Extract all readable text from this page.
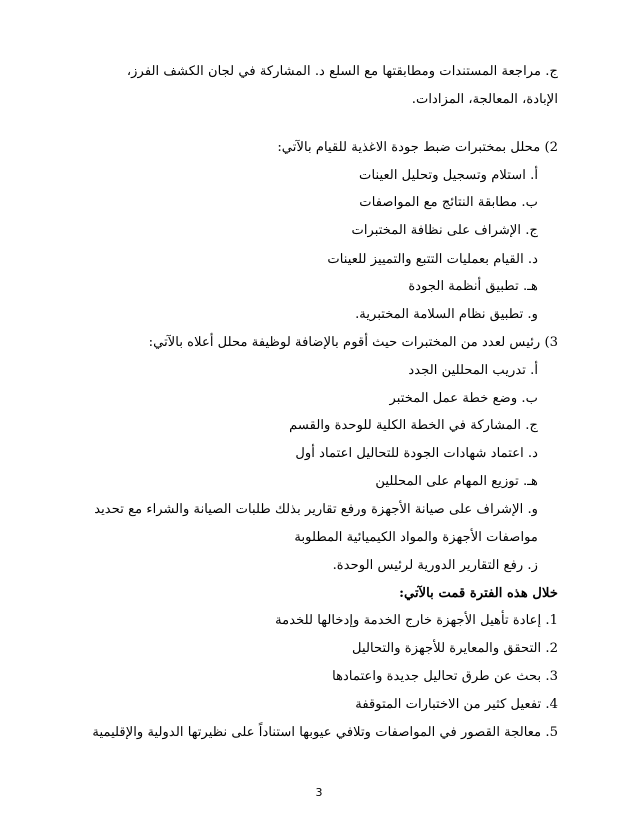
ج. مراجعة المستندات ومطابقتها مع السلع د. المشاركة في لجان الكشف الفرز،
الإبادة، المعالجة، المزادات.
2) محلل بمختبرات ضبط جودة الاغذية للقيام بالآتي:
أ. استلام وتسجيل وتحليل العينات
ب. مطابقة النتائج مع المواصفات
ج. الإشراف على نظافة المختبرات
د. القيام بعمليات التتبع والتمييز للعينات
هـ. تطبيق أنظمة الجودة
و. تطبيق نظام السلامة المختبرية.
3) رئيس لعدد من المختبرات حيث أقوم بالإضافة لوظيفة محلل أعلاه بالآتي:
أ. تدريب المحللين الجدد
ب. وضع خطة عمل المختبر
ج. المشاركة في الخطة الكلية للوحدة والقسم
د. اعتماد شهادات الجودة للتحاليل اعتماد أول
هـ. توزيع المهام على المحللين
و. الإشراف على صيانة الأجهزة ورفع تقارير بذلك طلبات الصيانة والشراء مع تحديد
مواصفات الأجهزة والمواد الكيميائية المطلوبة
ز. رفع التقارير الدورية لرئيس الوحدة.
خلال هذه الفترة قمت بالآتي:
1. إعادة تأهيل الأجهزة خارج الخدمة وإدخالها للخدمة
2. التحقق والمعايرة للأجهزة والتحاليل
3. بحث عن طرق تحاليل جديدة واعتمادها
4. تفعيل كثير من الاختبارات المتوقفة
5. معالجة القصور في المواصفات وتلافي عيوبها استناداً على نظيرتها الدولية والإقليمية
3
